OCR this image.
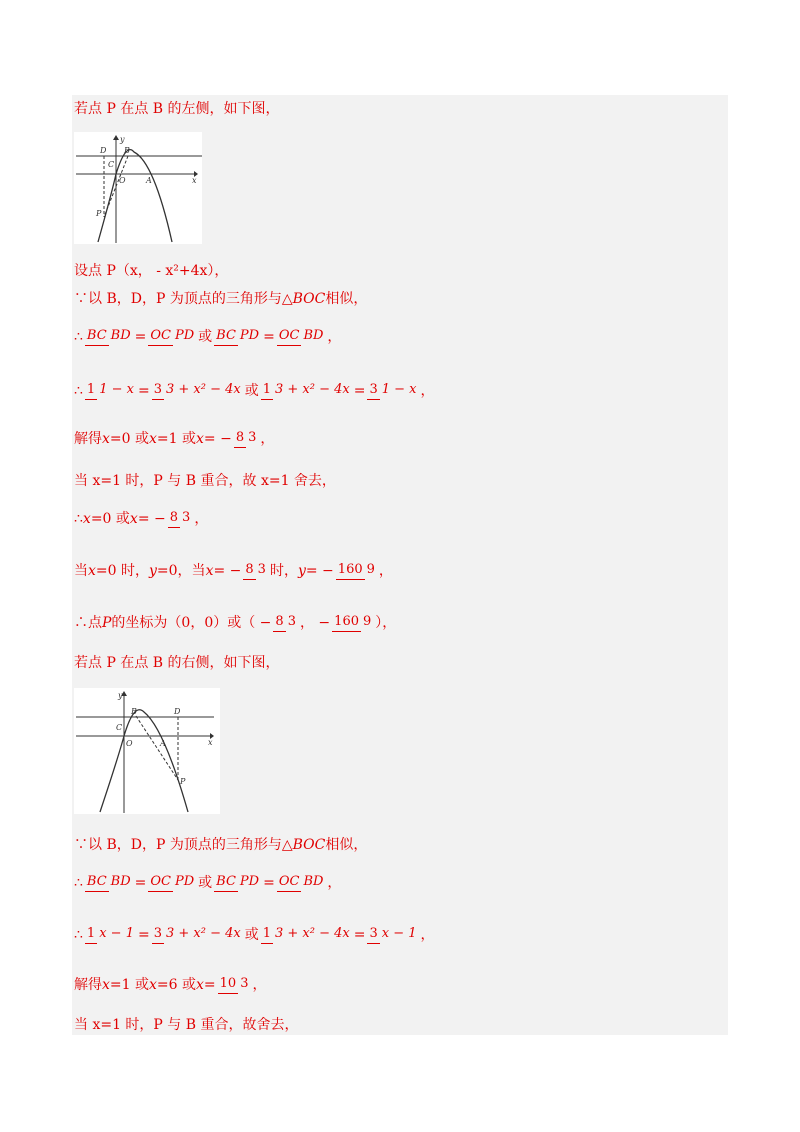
若点 P 在点 B 的左侧，如下图，
D B
C
O	A
P
x
y
设点 P（x， - x²+4x），
∵以 B，D，P 为顶点的三角形与△ BOC 相似，
∴ BC BD = OC PD 或 BC PD = OC BD ，
∴ 1 1 − x = 3 3 + x² − 4x 或 1 3 + x² − 4x = 3 1 − x ，
解得 x =0 或 x =1 或 x = − 8 3 ，
当 x=1 时，P 与 B 重合，故 x=1 舍去，
∴ x =0 或 x = − 8 3 ，
当 x =0 时， y =0，当 x = − 8 3 时， y = − 160 9 ，
∴点 P 的坐标为（0，0）或（ − 8 3 ， − 160 9 ），
若点 P 在点 B 的右侧，如下图，
B	D
C
O	A
P
x
y
∵以 B，D，P 为顶点的三角形与△ BOC 相似，
∴ BC BD = OC PD 或 BC PD = OC BD ，
∴ 1 x − 1 = 3 3 + x² − 4x 或 1 3 + x² − 4x = 3 x − 1 ，
解得 x =1 或 x =6 或 x = 10 3 ，
当 x=1 时，P 与 B 重合，故舍去，
